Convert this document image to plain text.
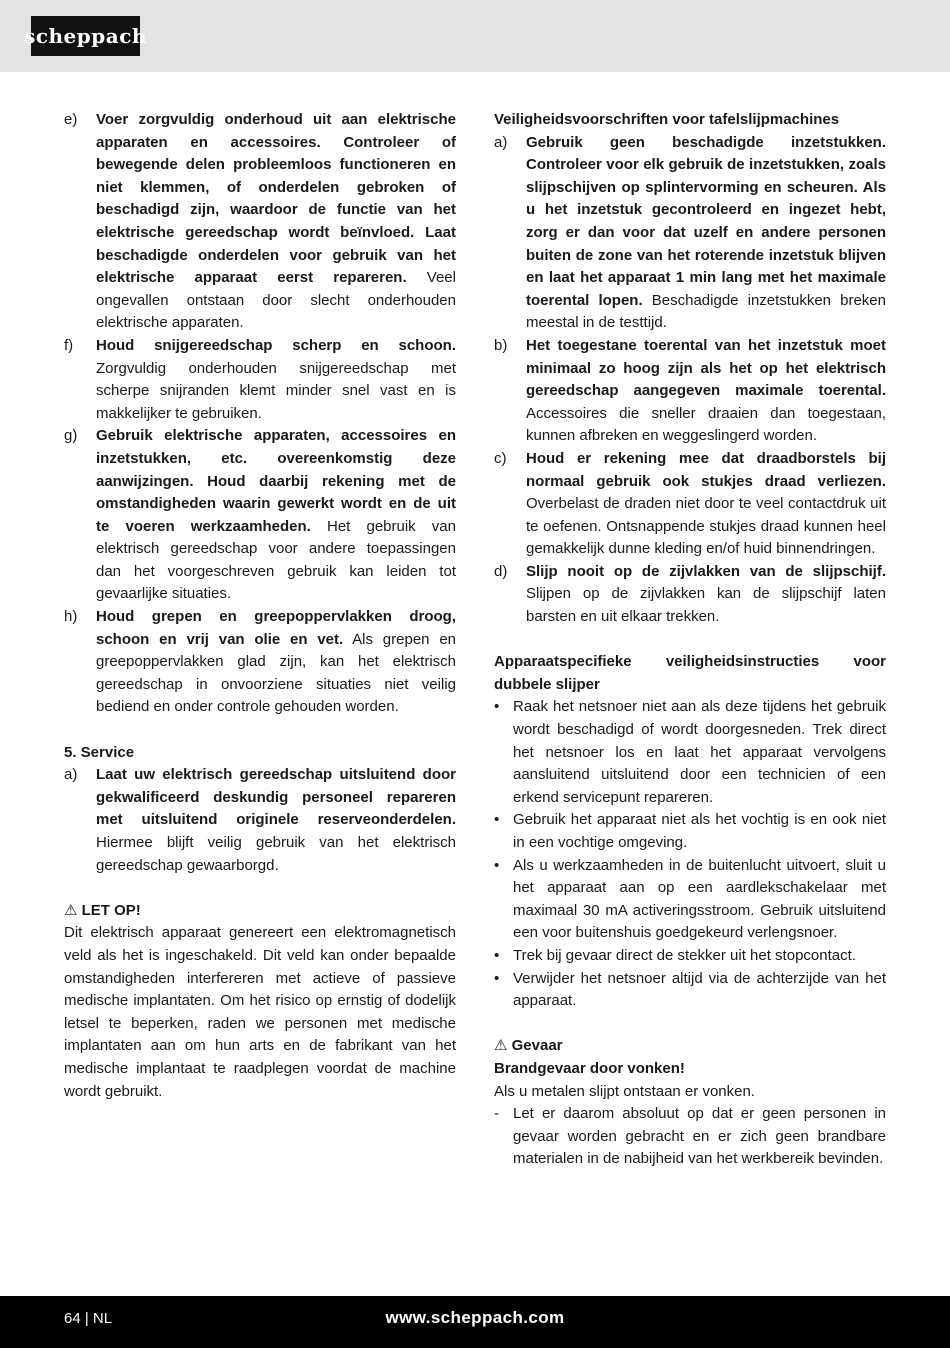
scheppach
e)	Voer zorgvuldig onderhoud uit aan elektrische apparaten en accessoires. Controleer of bewegende delen probleemloos functioneren en niet klemmen, of onderdelen gebroken of beschadigd zijn, waardoor de functie van het elektrische gereedschap wordt beïnvloed. Laat beschadigde onderdelen voor gebruik van het elektrische apparaat eerst repareren. Veel ongevallen ontstaan door slecht onderhouden elektrische apparaten.
f)	Houd snijgereedschap scherp en schoon. Zorgvuldig onderhouden snijgereedschap met scherpe snijranden klemt minder snel vast en is makkelijker te gebruiken.
g)	Gebruik elektrische apparaten, accessoires en inzetstukken, etc. overeenkomstig deze aanwijzingen. Houd daarbij rekening met de omstandigheden waarin gewerkt wordt en de uit te voeren werkzaamheden. Het gebruik van elektrisch gereedschap voor andere toepassingen dan het voorgeschreven gebruik kan leiden tot gevaarlijke situaties.
h)	Houd grepen en greepoppervlakken droog, schoon en vrij van olie en vet. Als grepen en greepoppervlakken glad zijn, kan het elektrisch gereedschap in onvoorziene situaties niet veilig bediend en onder controle gehouden worden.

5. Service

a)	Laat uw elektrisch gereedschap uitsluitend door gekwalificeerd deskundig personeel repareren met uitsluitend originele reserveonderdelen. Hiermee blijft veilig gebruik van het elektrisch gereedschap gewaarborgd.

⚠ LET OP!

Dit elektrisch apparaat genereert een elektromagnetisch veld als het is ingeschakeld. Dit veld kan onder bepaalde omstandigheden interfereren met actieve of passieve medische implantaten. Om het risico op ernstig of dodelijk letsel te beperken, raden we personen met medische implantaten aan om hun arts en de fabrikant van het medische implantaat te raadplegen voordat de machine wordt gebruikt.

Veiligheidsvoorschriften voor tafelslijpmachines

a)	Gebruik geen beschadigde inzetstukken. Controleer voor elk gebruik de inzetstukken, zoals slijpschijven op splintervorming en scheuren. Als u het inzetstuk gecontroleerd en ingezet hebt, zorg er dan voor dat uzelf en andere personen buiten de zone van het roterende inzetstuk blijven en laat het apparaat 1 min lang met het maximale toerental lopen. Beschadigde inzetstukken breken meestal in de testtijd.
b)	Het toegestane toerental van het inzetstuk moet minimaal zo hoog zijn als het op het elektrisch gereedschap aangegeven maximale toerental. Accessoires die sneller draaien dan toegestaan, kunnen afbreken en weggeslingerd worden.
c)	Houd er rekening mee dat draadborstels bij normaal gebruik ook stukjes draad verliezen. Overbelast de draden niet door te veel contactdruk uit te oefenen. Ontsnappende stukjes draad kunnen heel gemakkelijk dunne kleding en/of huid binnendringen.
d)	Slijp nooit op de zijvlakken van de slijpschijf. Slijpen op de zijvlakken kan de slijpschijf laten barsten en uit elkaar trekken.

Apparaatspecifieke veiligheidsinstructies voor dubbele slijper

• Raak het netsnoer niet aan als deze tijdens het gebruik wordt beschadigd of wordt doorgesneden. Trek direct het netsnoer los en laat het apparaat vervolgens aansluitend uitsluitend door een technicien of een erkend servicepunt repareren.
• Gebruik het apparaat niet als het vochtig is en ook niet in een vochtige omgeving.
• Als u werkzaamheden in de buitenlucht uitvoert, sluit u het apparaat aan op een aardlekschakelaar met maximaal 30 mA activeringsstroom. Gebruik uitsluitend een voor buitenshuis goedgekeurd verlengsnoer.
• Trek bij gevaar direct de stekker uit het stopcontact.
• Verwijder het netsnoer altijd via de achterzijde van het apparaat.

⚠ Gevaar

Brandgevaar door vonken!

Als u metalen slijpt ontstaan er vonken.

- Let er daarom absoluut op dat er geen personen in gevaar worden gebracht en er zich geen brandbare materialen in de nabijheid van het werkbereik bevinden.
64 | NL	www.scheppach.com
